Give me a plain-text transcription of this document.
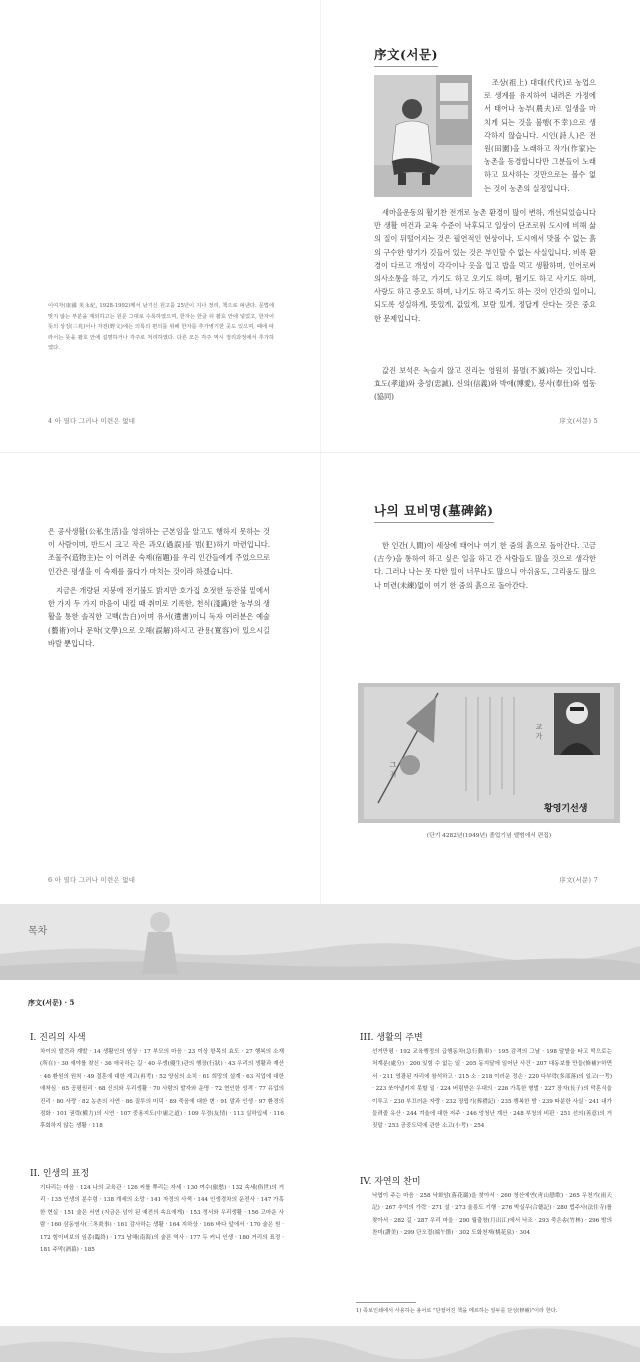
이여자(康國 英永紀, 1928-1992)께서 남기신 원고를 25년이 지나 정리, 책으로 펴낸다. 문법에 맞지 않는 부분을 제외하고는 원문 그대로 수록하였으며, 한자는 한글 뒤 괄호 안에 넣었고, 한자어 뜻의 상징(三兆)이나 자전(野文)에는 의록의 편의를 위해 한자를 추가병기한 곳도 있으며, 때에 따라서는 뜻을 괄호 안에 설명하거나 각주로 처리하였다. 다른 모든 각주 역시 정리과정에서 추가하였다.
4 아 열다 그러나 미련은 없대
序文(서문)
조상(祖上) 대대(代代)로 농업으로 생계를 유지하여 내려온 가정에서 태어나 농부(農夫)로 일생을 마치게 되는 것을 불행(不幸)으로 생각하지 않습니다. 시인(詩人)은 전원(田園)을 노래하고 작가(作家)는 농촌을 동경합니다만 그분들이 노래하고 묘사하는 것만으로는 볼수 없는 것이 농촌의 실정입니다.
새마을운동의 활기찬 전개로 농촌 환경이 많이 변하, 개선되었습니다만 생활 여건과 교육 수준이 낙후되고 일상이 단조로워 도시에 비해 삶의 질이 뒤떨어지는 것은 필연적인 현상이나, 도시에서 맛볼 수 없는 흙의 구수한 향기가 깃들어 있는 것은 부인할 수 없는 사실입니다. 비록 환경이 다르고 개성이 각각이나 옷을 입고 밥을 먹고 생활하며, 인어로써 의사소통을 하고, 가기도 하고 오기도 하며, 뛸기도 하고 사기도 하며, 사랑도 하고 증오도 하며, 나기도 하고 죽기도 하는 것이 인간의 일이니, 되도록 성실하게, 뜻있게, 값있게, 보람 있게, 정답게 산다는 것은 중요한 문제입니다.
값진 보석은 녹슬지 않고 진리는 영원히 불멸(不滅)하는 것입니다. 효도(孝道)와 충성(忠誠), 신의(信義)와 박애(博愛), 봉사(奉仕)와 협동(協同)
序文(서문) 5
은 공사생활(公私生活)을 영위하는 근본임을 알고도 행하지 못하는 것이 사람이며, 반드시 크고 작은 과오(過誤)를 범(犯)하기 마련입니다. 조물주(造物主)는 이 어려운 숙제(宿題)를 우리 인간들에게 주었으므로 인간은 평생을 이 숙제를 풀다가 마치는 것이라 하겠습니다.
지금은 개량된 지붕에 전기불도 밝지만 호가집 호젓한 등잔불 밑에서 한 가지 두 가지 마음이 내킬 때 취미로 기록한, 천식(淺識)한 농부의 생활을 통한 솔직한 고백(告白)이며 유서(遺書)이니 독자 여러분은 예술(藝術)이나 문학(文學)으로 오해(誤解)하시고 관용(寬容)이 있으시길 바랄 뿐입니다.
6 아 열다 그러나 미련은 없대
나의 묘비명(墓碑銘)
한 인간(人間)이 세상에 태어나 여기 한 줌의 흙으로 돌아간다. 고금(古今)을 통하여 하고 싶은 일을 하고 간 사람들도 많을 것으로 생각한다. 그러나 나는 못 다한 일이 너무나도 많으니 아쉬움도, 그리움도 많으나 미련(未練)없이 여기 한 줌의 흙으로 돌아간다.
序文(서문) 7
그 기
교 가
황영기선생
(단기 4282년(1949년) 졸업기념 앨범에서 편집)
목차
序文(서문) · 5
I. 진리의 사색
차이의 발견과 계발 · 14 생활인의 염상 · 17 부모의 마음 · 23 이상 항목의 효도 · 27 행복의 소재(所在) · 30 새야를 찾신 · 36 애국하는 길 · 40 우생(優生)관의 행장(行狀) · 43 우리의 생활과 재산 · 46 환원의 원칙 · 49 결혼에 대한 재고(再考) · 52 양심의 소치 · 61 희망의 설계 · 63 직업에 대한 애착심 · 65 공평원리 · 68 신의와 우리생활 · 70 사람의 발자와 운명 · 72 현인한 성격 · 77 유업의 진리 · 80 사랑 · 82 농촌의 사연 · 86 질투의 미덕 · 89 죽음에 대한 변 · 91 말과 인생 · 97 환경의 점화 · 101 권력(權力)의 시연 · 107 중용지도(中庸之道) · 109 우정(友情) · 113 실하입세 · 116 후회하지 않는 생활 · 118
II. 인생의 표정
기다리는 마음 · 124 나의 교육관 · 126 씨를 뿌리는 자세 · 130 여수(旅愁) · 132 속세(俗世)의 거리 · 135 인생의 분수령 · 138 개세의 소망 · 141 자정의 사색 · 144 인생경차의 운전사 · 147 가혹한 현실 · 151 술은 서연 (지금은 넘이 된 예전의 속요에게) · 153 정서와 우리생활 · 156 고마운 사람 · 160 삼동염사(三冬炎事) · 161 감사하는 생활 · 164 지하상 · 166 바다 앞에서 · 170 술은 원 · 172 힘이비보의 임종(臨終) · 173 남해(南海)의 술픈 역사 · 177 두 커니 인생 · 180 거리의 표정 · 181 주막(酒幕) · 185
III. 생활의 주변
선거만평 · 192 교육행정의 급행동차(急行動車) · 195 감격의 그날 · 198 달밭을 타고 떡으로는 처계분(處分) · 200 잊힘 수 없는 일 · 205 동지달에 일어난 사건 · 207 대동보를 만들(修補)¹하면서 · 211 영광된 자리에 참석하고 · 215 소 · 218 이러운 정손 · 220 다부락(多部落)의 일고(一考) · 223 쏘아낼키지 못할 일 · 224 버림받은 우대의 · 226 가혹한 형벌 · 227 장자(長子)의 막혼식을 이루고 · 230 부끄러운 자랑 · 232 장립기(葬禮記) · 235 행복한 밤 · 239 따분한 사실 · 241 내가 들려줄 유산 · 244 겨울에 대한 저주 · 246 엉청난 계산 · 248 부청의 비판 · 251 선의(善意)의 거짓말 · 253 공중도덕에 관한 소고(小考) · 254
IV. 자연의 찬미
낙엽이 주는 마음 · 258 낙화암(落花巖)을 찾아서 · 260 청산에연(靑山戀歌) · 265 우천기(雨天記) · 267 추억의 가락 · 271 설 · 273 울릉도 기행 · 276 박실무(合德記) · 280 법주사(法住寺)를 찾아서 · 282 길 · 287 우리 마을 · 290 월출창(月出江)에서 낙조 · 293 죽은송(竹林) · 296 밤의 찬미(讚美) · 299 단오절(端午節) · 302 도화천재(桃花泉) · 304
1) 족보인쇄에서 사용하는 용어로 "단절어진 책을 메르하는 일두를 단성(修補)"이라 한다.
